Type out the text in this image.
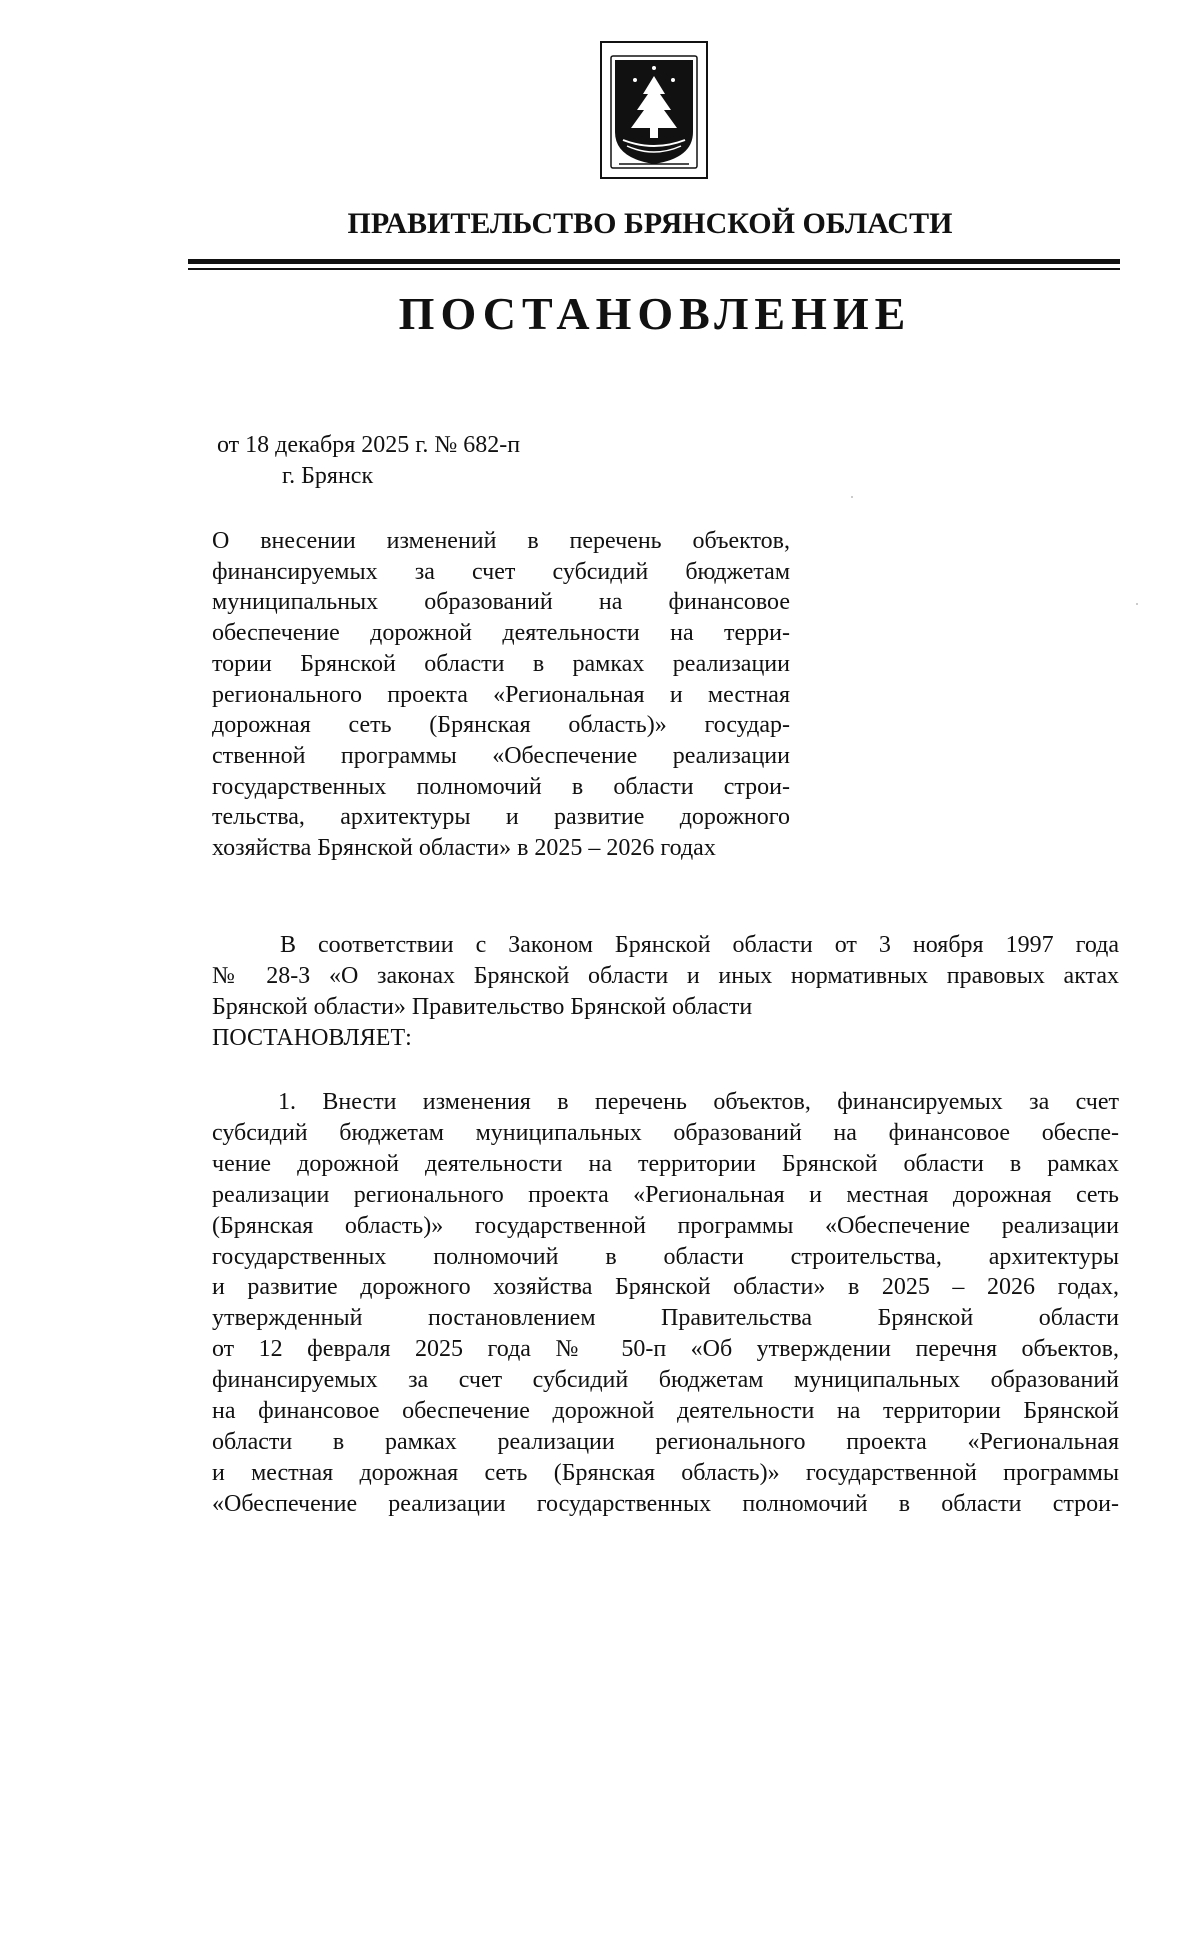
ПРАВИТЕЛЬСТВО БРЯНСКОЙ ОБЛАСТИ
ПОСТАНОВЛЕНИЕ
от 18 декабря 2025 г. № 682-п
г. Брянск
О внесении изменений в перечень объектов,
финансируемых за счет субсидий бюджетам
муниципальных образований на финансовое
обеспечение дорожной деятельности на терри-
тории Брянской области в рамках реализации
регионального проекта «Региональная и местная
дорожная сеть (Брянская область)» государ-
ственной программы «Обеспечение реализации
государственных полномочий в области строи-
тельства, архитектуры и развитие дорожного
хозяйства Брянской области» в 2025 – 2026 годах
В соответствии с Законом Брянской области от 3 ноября 1997 года
№ 28-З «О законах Брянской области и иных нормативных правовых актах
Брянской области» Правительство Брянской области
ПОСТАНОВЛЯЕТ:
1. Внести изменения в перечень объектов, финансируемых за счет
субсидий бюджетам муниципальных образований на финансовое обеспе-
чение дорожной деятельности на территории Брянской области в рамках
реализации регионального проекта «Региональная и местная дорожная сеть
(Брянская область)» государственной программы «Обеспечение реализации
государственных полномочий в области строительства, архитектуры
и развитие дорожного хозяйства Брянской области» в 2025 – 2026 годах,
утвержденный постановлением Правительства Брянской области
от 12 февраля 2025 года № 50-п «Об утверждении перечня объектов,
финансируемых за счет субсидий бюджетам муниципальных образований
на финансовое обеспечение дорожной деятельности на территории Брянской
области в рамках реализации регионального проекта «Региональная
и местная дорожная сеть (Брянская область)» государственной программы
«Обеспечение реализации государственных полномочий в области строи-
